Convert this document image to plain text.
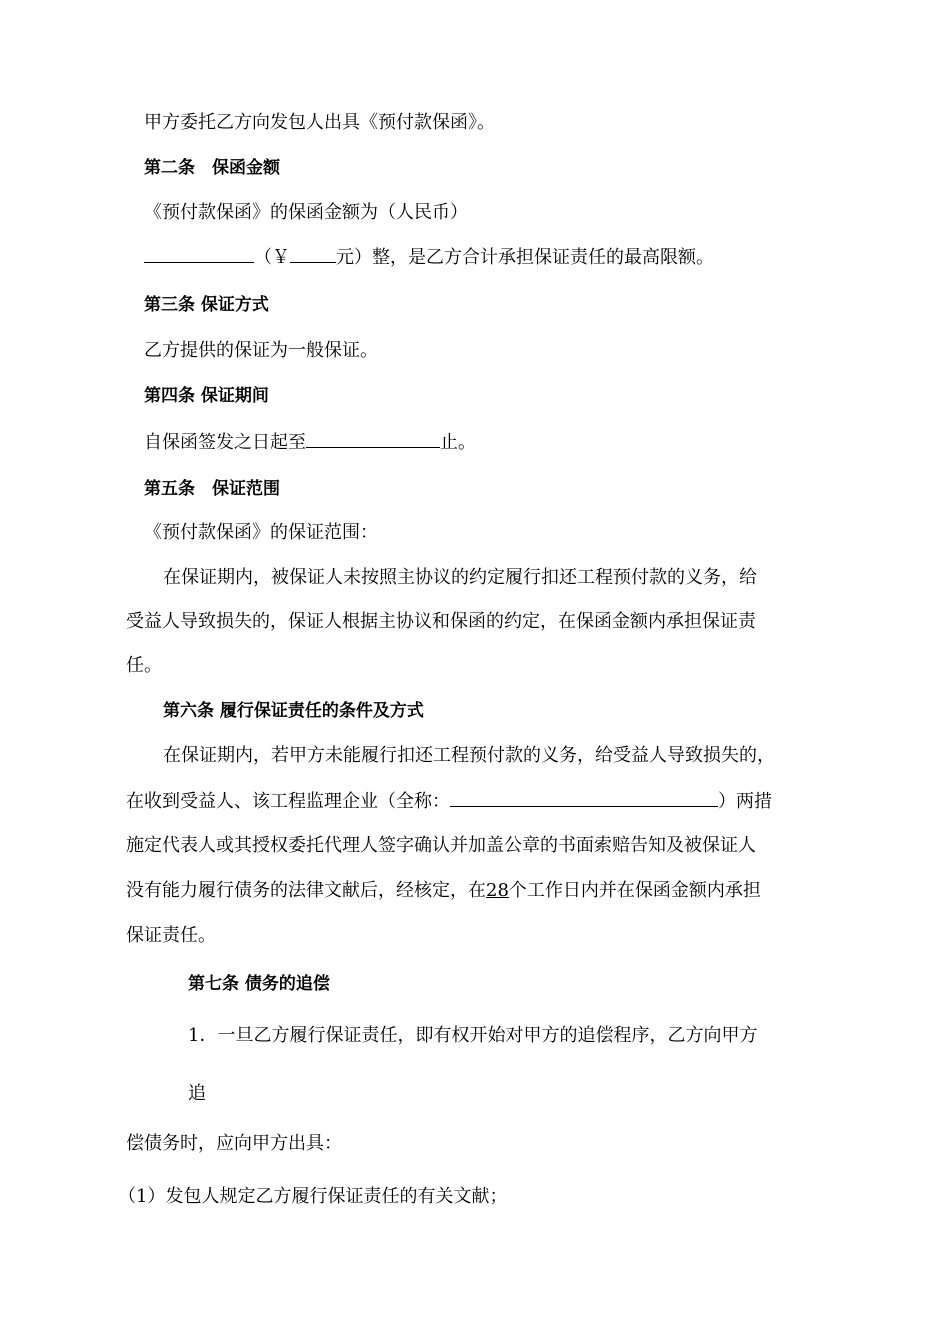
甲方委托乙方向发包人出具《预付款保函》。
第二条　保函金额
《预付款保函》的保函金额为（人民币）
（￥	元）整，是乙方合计承担保证责任的最高限额。
第三条 保证方式
乙方提供的保证为一般保证。
第四条 保证期间
自保函签发之日起至	止。
第五条　保证范围
《预付款保函》的保证范围：
在保证期内，被保证人未按照主协议的约定履行扣还工程预付款的义务，给
受益人导致损失的，保证人根据主协议和保函的约定，在保函金额内承担保证责
任。
第六条 履行保证责任的条件及方式
在保证期内，若甲方未能履行扣还工程预付款的义务，给受益人导致损失的，
在收到受益人、该工程监理企业（全称：	）两措
施定代表人或其授权委托代理人签字确认并加盖公章的书面索赔告知及被保证人
没有能力履行债务的法律文献后，经核定，在28个工作日内并在保函金额内承担
保证责任。
第七条 债务的追偿
1．一旦乙方履行保证责任，即有权开始对甲方的追偿程序，乙方向甲方
追
偿债务时，应向甲方出具：
（1）发包人规定乙方履行保证责任的有关文献；
